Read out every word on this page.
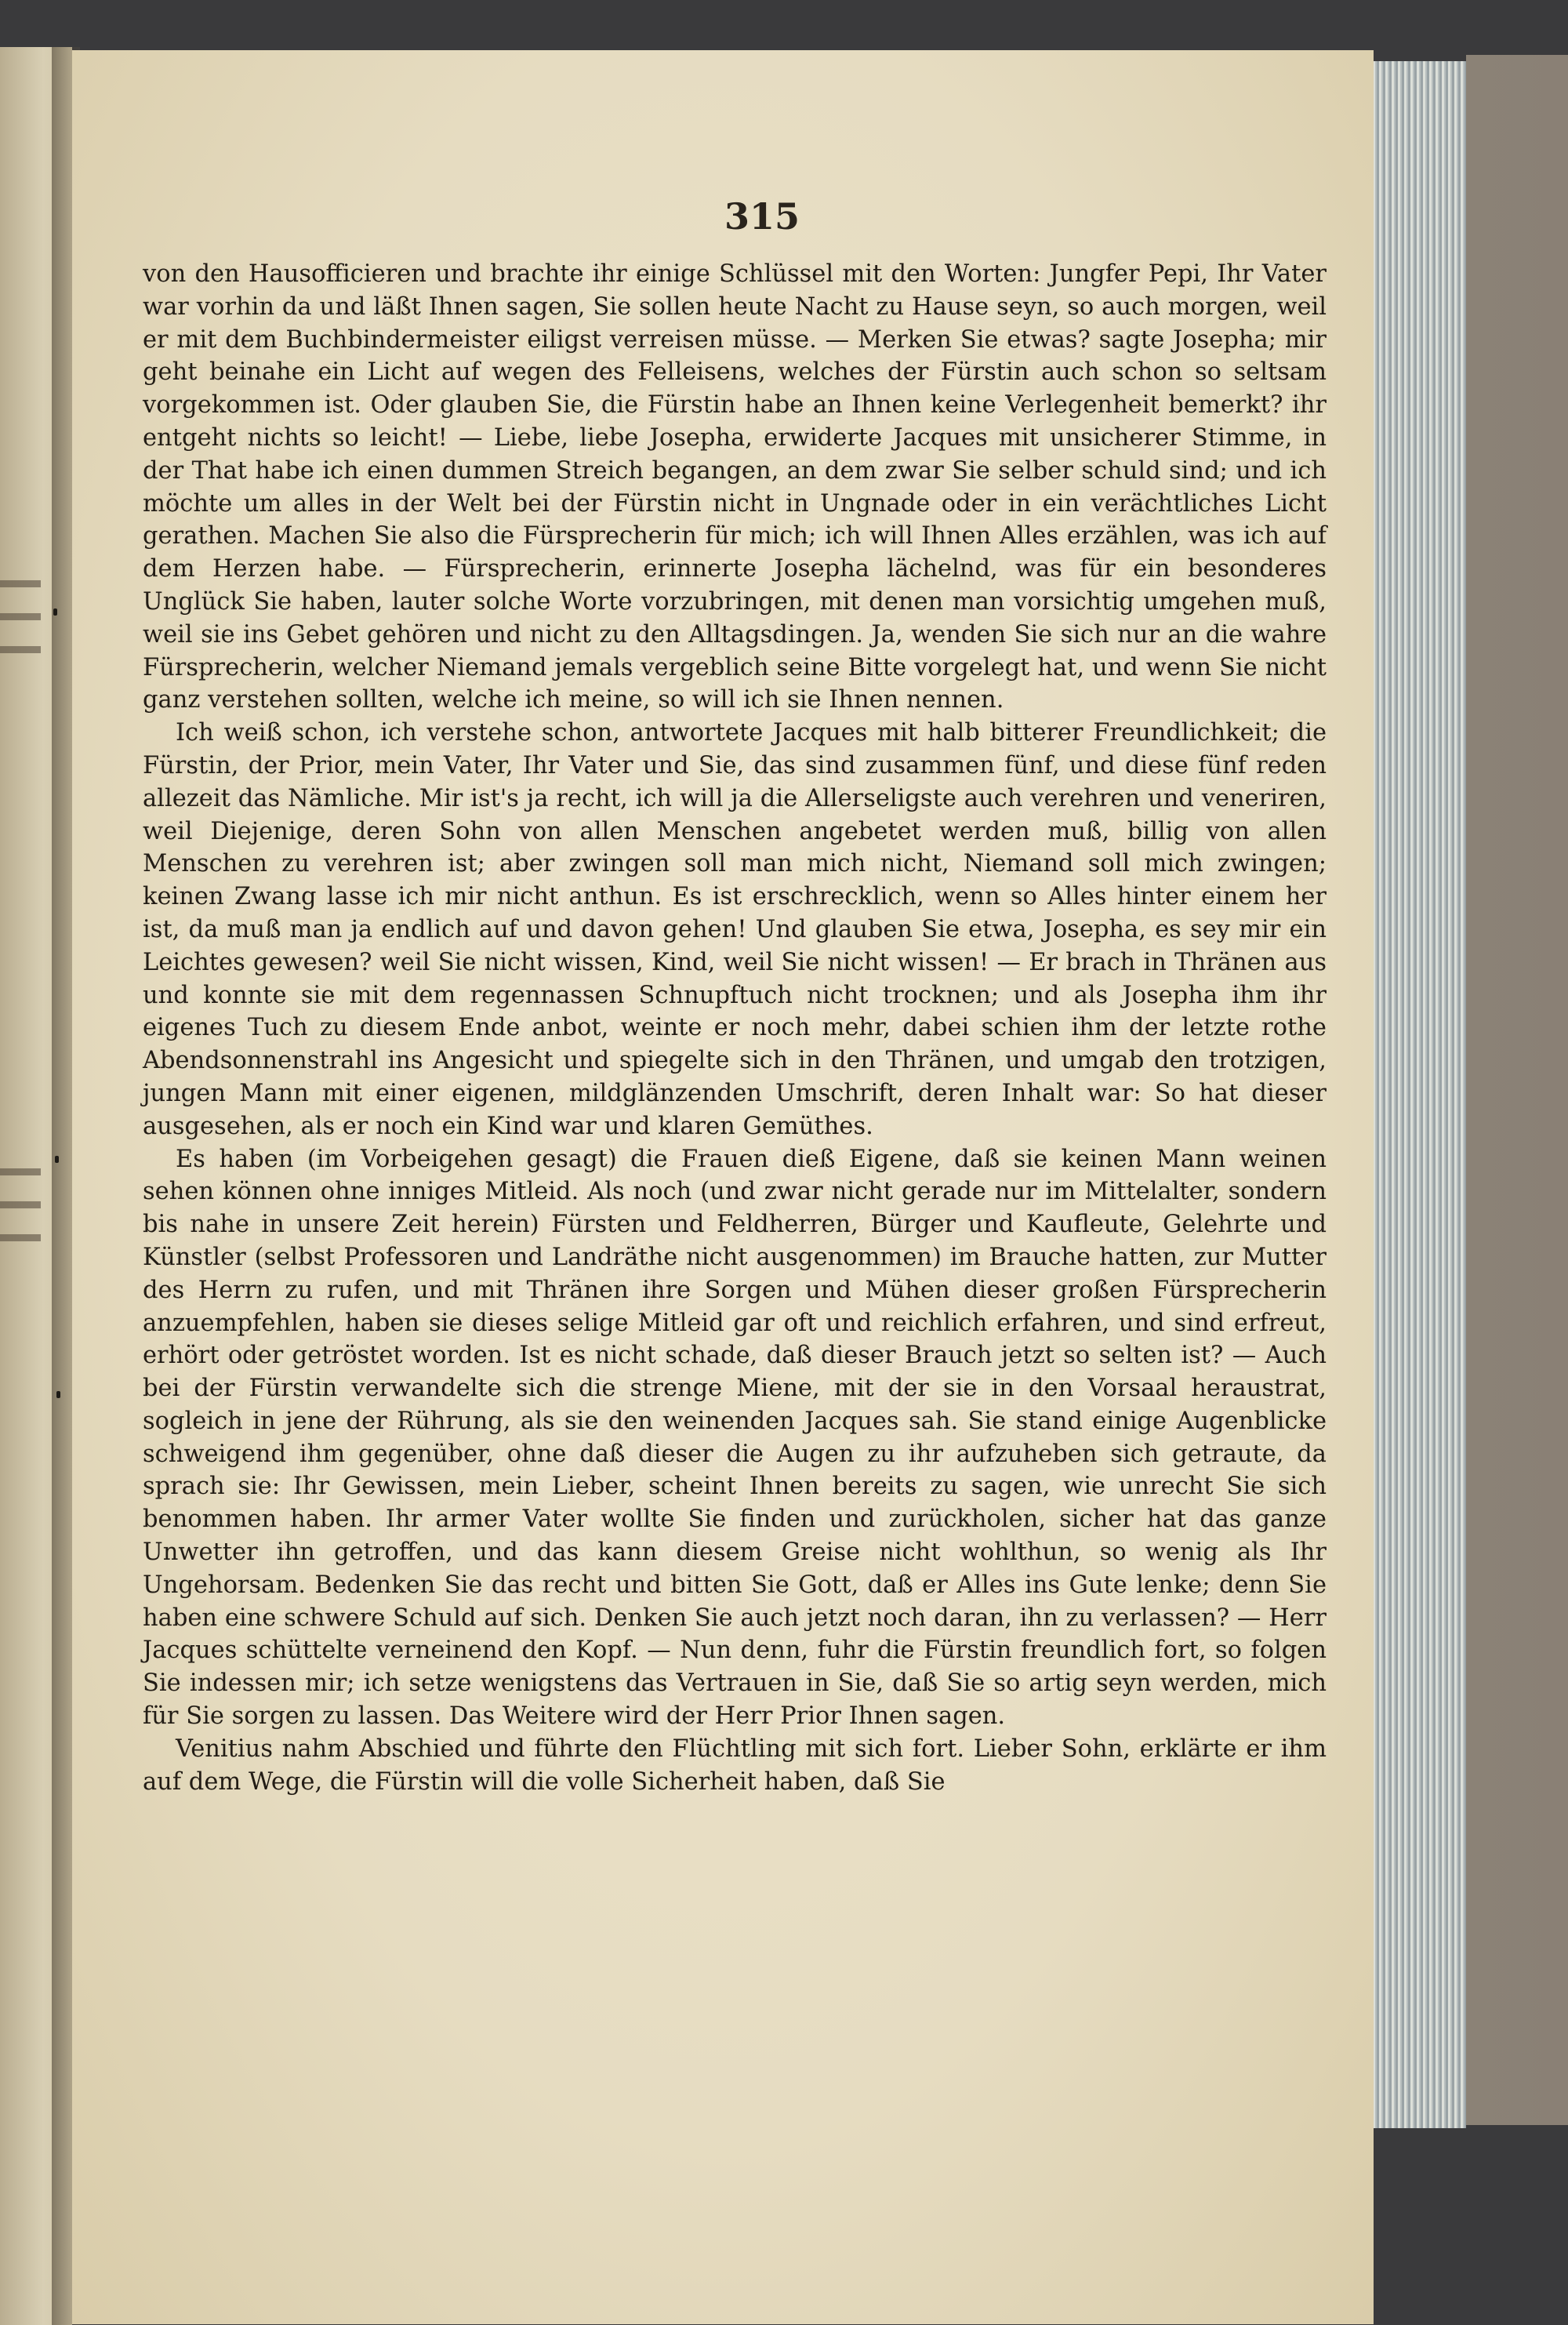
315

von den Hausofficieren und brachte ihr einige Schlüssel mit den Worten: Jungfer Pepi, Ihr Vater war vorhin da und läßt Ihnen sagen, Sie sollen heute Nacht zu Hause seyn, so auch morgen, weil er mit dem Buchbindermeister eiligst verreisen müsse. — Merken Sie etwas? sagte Josepha; mir geht beinahe ein Licht auf wegen des Felleisens, welches der Fürstin auch schon so seltsam vorgekommen ist. Oder glauben Sie, die Fürstin habe an Ihnen keine Verlegenheit bemerkt? ihr entgeht nichts so leicht! — Liebe, liebe Josepha, erwiderte Jacques mit unsicherer Stimme, in der That habe ich einen dummen Streich begangen, an dem zwar Sie selber schuld sind; und ich möchte um alles in der Welt bei der Fürstin nicht in Ungnade oder in ein verächtliches Licht gerathen. Machen Sie also die Fürsprecherin für mich; ich will Ihnen Alles erzählen, was ich auf dem Herzen habe. — Fürsprecherin, erinnerte Josepha lächelnd, was für ein besonderes Unglück Sie haben, lauter solche Worte vorzubringen, mit denen man vorsichtig umgehen muß, weil sie ins Gebet gehören und nicht zu den Alltagsdingen. Ja, wenden Sie sich nur an die wahre Fürsprecherin, welcher Niemand jemals vergeblich seine Bitte vorgelegt hat, und wenn Sie nicht ganz verstehen sollten, welche ich meine, so will ich sie Ihnen nennen.

Ich weiß schon, ich verstehe schon, antwortete Jacques mit halb bitterer Freundlichkeit; die Fürstin, der Prior, mein Vater, Ihr Vater und Sie, das sind zusammen fünf, und diese fünf reden allezeit das Nämliche. Mir ist's ja recht, ich will ja die Allerseligste auch verehren und veneriren, weil Diejenige, deren Sohn von allen Menschen angebetet werden muß, billig von allen Menschen zu verehren ist; aber zwingen soll man mich nicht, Niemand soll mich zwingen; keinen Zwang lasse ich mir nicht anthun. Es ist erschrecklich, wenn so Alles hinter einem her ist, da muß man ja endlich auf und davon gehen! Und glauben Sie etwa, Josepha, es sey mir ein Leichtes gewesen? weil Sie nicht wissen, Kind, weil Sie nicht wissen! — Er brach in Thränen aus und konnte sie mit dem regennassen Schnupftuch nicht trocknen; und als Josepha ihm ihr eigenes Tuch zu diesem Ende anbot, weinte er noch mehr, dabei schien ihm der letzte rothe Abendsonnenstrahl ins Angesicht und spiegelte sich in den Thränen, und umgab den trotzigen, jungen Mann mit einer eigenen, mildglänzenden Umschrift, deren Inhalt war: So hat dieser ausgesehen, als er noch ein Kind war und klaren Gemüthes.

Es haben (im Vorbeigehen gesagt) die Frauen dieß Eigene, daß sie keinen Mann weinen sehen können ohne inniges Mitleid. Als noch (und zwar nicht gerade nur im Mittelalter, sondern bis nahe in unsere Zeit herein) Fürsten und Feldherren, Bürger und Kaufleute, Gelehrte und Künstler (selbst Professoren und Landräthe nicht ausgenommen) im Brauche hatten, zur Mutter des Herrn zu rufen, und mit Thränen ihre Sorgen und Mühen dieser großen Fürsprecherin anzuempfehlen, haben sie dieses selige Mitleid gar oft und reichlich erfahren, und sind erfreut, erhört oder getröstet worden. Ist es nicht schade, daß dieser Brauch jetzt so selten ist? — Auch bei der Fürstin verwandelte sich die strenge Miene, mit der sie in den Vorsaal heraustrat, sogleich in jene der Rührung, als sie den weinenden Jacques sah. Sie stand einige Augenblicke schweigend ihm gegenüber, ohne daß dieser die Augen zu ihr aufzuheben sich getraute, da sprach sie: Ihr Gewissen, mein Lieber, scheint Ihnen bereits zu sagen, wie unrecht Sie sich benommen haben. Ihr armer Vater wollte Sie finden und zurückholen, sicher hat das ganze Unwetter ihn getroffen, und das kann diesem Greise nicht wohlthun, so wenig als Ihr Ungehorsam. Bedenken Sie das recht und bitten Sie Gott, daß er Alles ins Gute lenke; denn Sie haben eine schwere Schuld auf sich. Denken Sie auch jetzt noch daran, ihn zu verlassen? — Herr Jacques schüttelte verneinend den Kopf. — Nun denn, fuhr die Fürstin freundlich fort, so folgen Sie indessen mir; ich setze wenigstens das Vertrauen in Sie, daß Sie so artig seyn werden, mich für Sie sorgen zu lassen. Das Weitere wird der Herr Prior Ihnen sagen.

Venitius nahm Abschied und führte den Flüchtling mit sich fort. Lieber Sohn, erklärte er ihm auf dem Wege, die Fürstin will die volle Sicherheit haben, daß Sie
